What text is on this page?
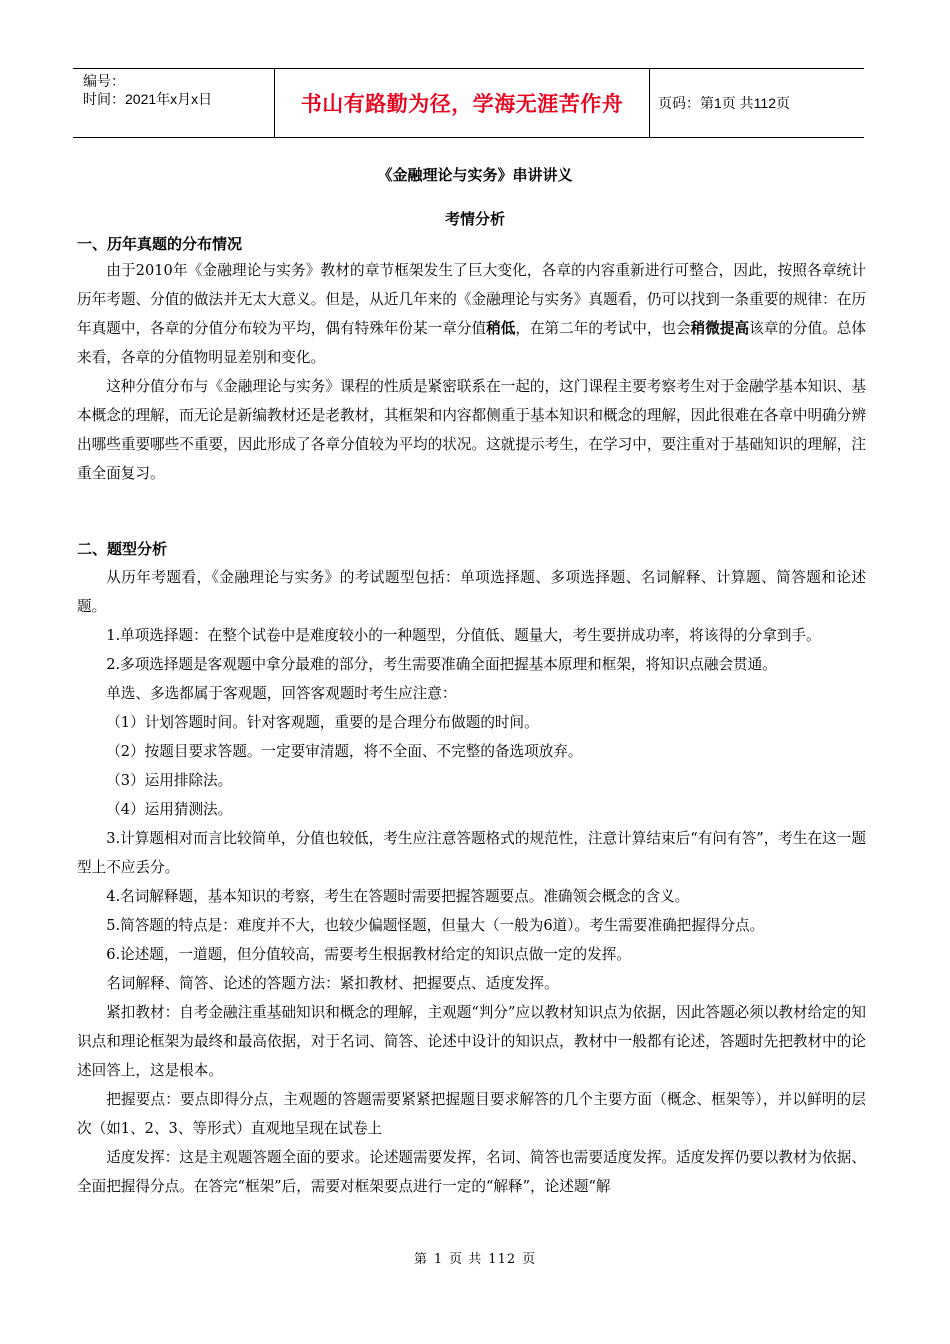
编号：
时间：2021年x月x日	书山有路勤为径，学海无涯苦作舟	页码：第1页 共112页
《金融理论与实务》串讲讲义
考情分析
一、历年真题的分布情况

由于2010年《金融理论与实务》教材的章节框架发生了巨大变化，各章的内容重新进行可整合，因此，按照各章统计历年考题、分值的做法并无太大意义。但是，从近几年来的《金融理论与实务》真题看，仍可以找到一条重要的规律：在历年真题中，各章的分值分布较为平均，偶有特殊年份某一章分值稍低，在第二年的考试中，也会稍微提高该章的分值。总体来看，各章的分值物明显差别和变化。

这种分值分布与《金融理论与实务》课程的性质是紧密联系在一起的，这门课程主要考察考生对于金融学基本知识、基本概念的理解，而无论是新编教材还是老教材，其框架和内容都侧重于基本知识和概念的理解，因此很难在各章中明确分辨出哪些重要哪些不重要，因此形成了各章分值较为平均的状况。这就提示考生，在学习中，要注重对于基础知识的理解，注重全面复习。

二、题型分析

从历年考题看，《金融理论与实务》的考试题型包括：单项选择题、多项选择题、名词解释、计算题、简答题和论述题。

1.单项选择题：在整个试卷中是难度较小的一种题型，分值低、题量大，考生要拼成功率，将该得的分拿到手。

2.多项选择题是客观题中拿分最难的部分，考生需要准确全面把握基本原理和框架，将知识点融会贯通。

单选、多选都属于客观题，回答客观题时考生应注意：

（1）计划答题时间。针对客观题，重要的是合理分布做题的时间。

（2）按题目要求答题。一定要审清题，将不全面、不完整的备选项放弃。

（3）运用排除法。

（4）运用猜测法。

3.计算题相对而言比较简单，分值也较低，考生应注意答题格式的规范性，注意计算结束后“有问有答”，考生在这一题型上不应丢分。

4.名词解释题，基本知识的考察，考生在答题时需要把握答题要点。准确领会概念的含义。

5.简答题的特点是：难度并不大，也较少偏题怪题，但量大（一般为6道）。考生需要准确把握得分点。

6.论述题，一道题，但分值较高，需要考生根据教材给定的知识点做一定的发挥。

名词解释、简答、论述的答题方法：紧扣教材、把握要点、适度发挥。

紧扣教材：自考金融注重基础知识和概念的理解，主观题“判分”应以教材知识点为依据，因此答题必须以教材给定的知识点和理论框架为最终和最高依据，对于名词、简答、论述中设计的知识点，教材中一般都有论述，答题时先把教材中的论述回答上，这是根本。

把握要点：要点即得分点，主观题的答题需要紧紧把握题目要求解答的几个主要方面（概念、框架等），并以鲜明的层次（如1、2、3、等形式）直观地呈现在试卷上

适度发挥：这是主观题答题全面的要求。论述题需要发挥，名词、简答也需要适度发挥。适度发挥仍要以教材为依据、全面把握得分点。在答完“框架”后，需要对框架要点进行一定的“解释”，论述题“解

第 1 页 共 112 页
